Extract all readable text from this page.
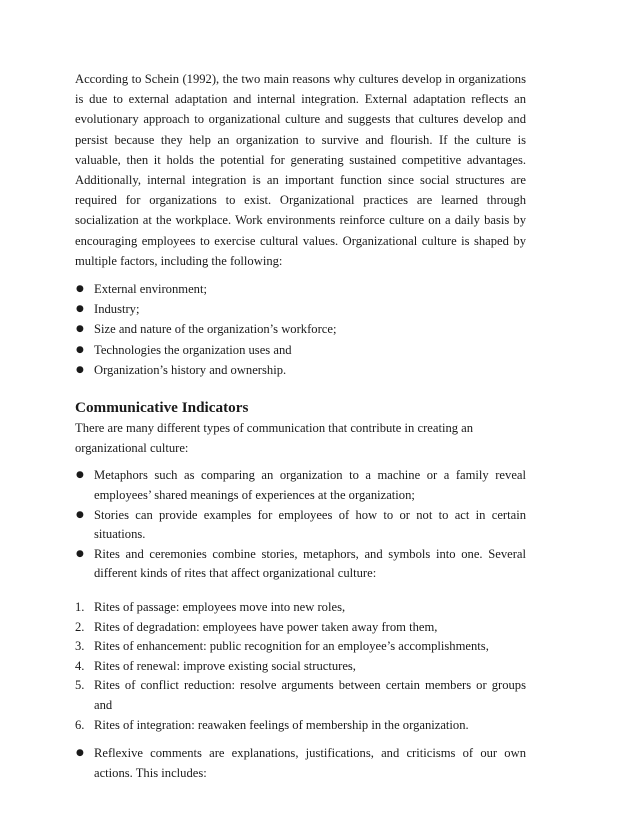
According to Schein (1992), the two main reasons why cultures develop in organizations is due to external adaptation and internal integration. External adaptation reflects an evolutionary approach to organizational culture and suggests that cultures develop and persist because they help an organization to survive and flourish. If the culture is valuable, then it holds the potential for generating sustained competitive advantages. Additionally, internal integration is an important function since social structures are required for organizations to exist. Organizational practices are learned through socialization at the workplace. Work environments reinforce culture on a daily basis by encouraging employees to exercise cultural values. Organizational culture is shaped by multiple factors, including the following:

● External environment;
● Industry;
● Size and nature of the organization’s workforce;
● Technologies the organization uses and
● Organization’s history and ownership.
Communicative Indicators

There are many different types of communication that contribute in creating an organizational culture:

● Metaphors such as comparing an organization to a machine or a family reveal employees’ shared meanings of experiences at the organization;
● Stories can provide examples for employees of how to or not to act in certain situations.
● Rites and ceremonies combine stories, metaphors, and symbols into one. Several different kinds of rites that affect organizational culture:
1. Rites of passage: employees move into new roles,
2. Rites of degradation: employees have power taken away from them,
3. Rites of enhancement: public recognition for an employee’s accomplishments,
4. Rites of renewal: improve existing social structures,
5. Rites of conflict reduction: resolve arguments between certain members or groups and
6. Rites of integration: reawaken feelings of membership in the organization.
● Reflexive comments are explanations, justifications, and criticisms of our own actions. This includes:
